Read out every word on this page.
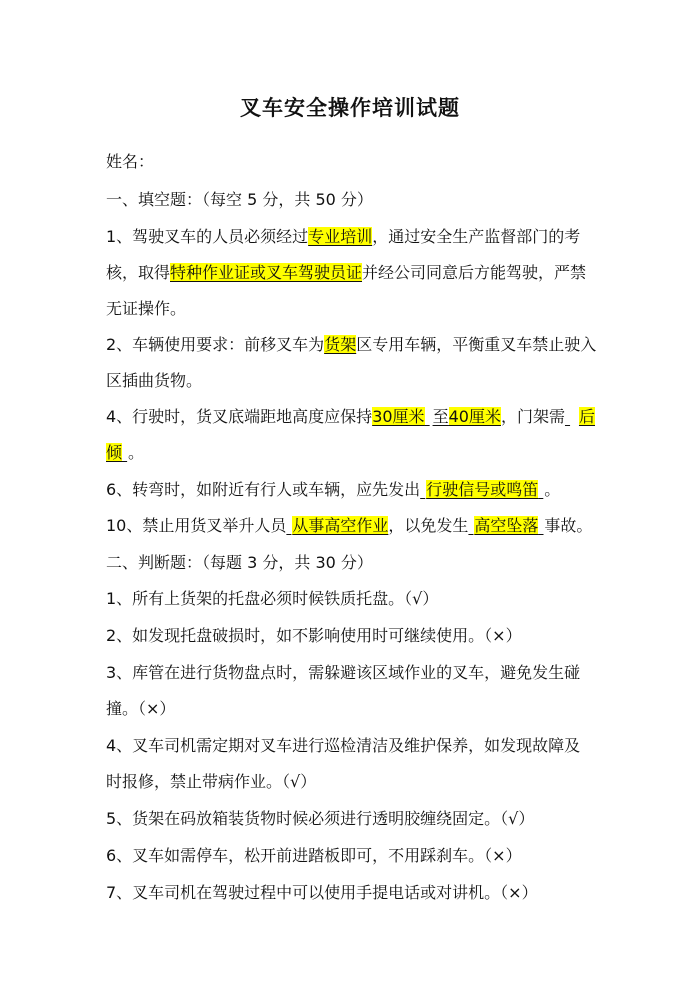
叉车安全操作培训试题
姓名：
一、填空题：（每空 5 分，共 50 分）
1、驾驶叉车的人员必须经过专业培训，通过安全生产监督部门的考
核，取得特种作业证或叉车驾驶员证并经公司同意后方能驾驶，严禁
无证操作。
2、车辆使用要求：前移叉车为货架区专用车辆，平衡重叉车禁止驶入
区插曲货物。
4、行驶时，货叉底端距地高度应保持30厘米 至40厘米，门架需 后
倾 。
6、转弯时，如附近有行人或车辆，应先发出 行驶信号或鸣笛 。
10、禁止用货叉举升人员 从事高空作业，以免发生 高空坠落 事故。
二、判断题：（每题 3 分，共 30 分）
1、所有上货架的托盘必须时候铁质托盘。（√）
2、如发现托盘破损时，如不影响使用时可继续使用。（×）
3、库管在进行货物盘点时，需躲避该区域作业的叉车，避免发生碰
撞。（×）
4、叉车司机需定期对叉车进行巡检清洁及维护保养，如发现故障及
时报修，禁止带病作业。（√）
5、货架在码放箱装货物时候必须进行透明胶缠绕固定。（√）
6、叉车如需停车，松开前进踏板即可，不用踩刹车。（×）
7、叉车司机在驾驶过程中可以使用手提电话或对讲机。（×）
